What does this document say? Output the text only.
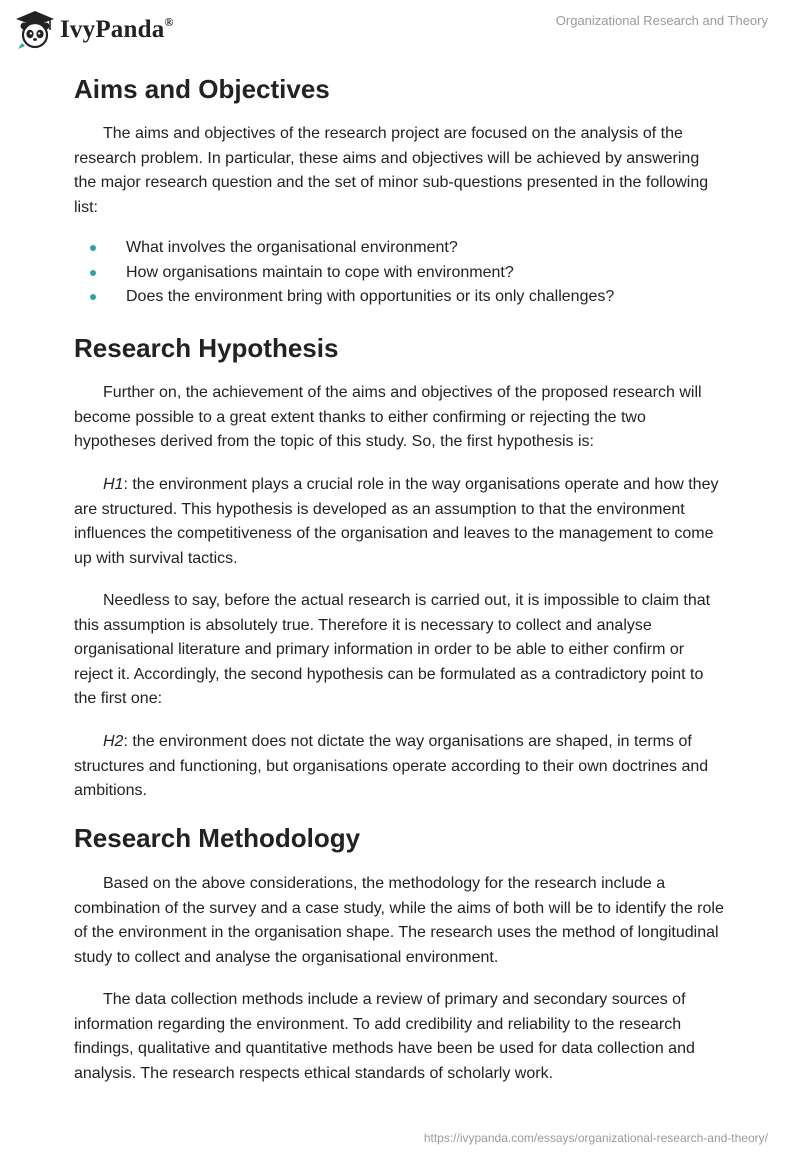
IvyPanda®	Organizational Research and Theory
Aims and Objectives

The aims and objectives of the research project are focused on the analysis of the research problem. In particular, these aims and objectives will be achieved by answering the major research question and the set of minor sub-questions presented in the following list:

What involves the organisational environment?
How organisations maintain to cope with environment?
Does the environment bring with opportunities or its only challenges?
Research Hypothesis

Further on, the achievement of the aims and objectives of the proposed research will become possible to a great extent thanks to either confirming or rejecting the two hypotheses derived from the topic of this study. So, the first hypothesis is:

H1: the environment plays a crucial role in the way organisations operate and how they are structured. This hypothesis is developed as an assumption to that the environment influences the competitiveness of the organisation and leaves to the management to come up with survival tactics.

Needless to say, before the actual research is carried out, it is impossible to claim that this assumption is absolutely true. Therefore it is necessary to collect and analyse organisational literature and primary information in order to be able to either confirm or reject it. Accordingly, the second hypothesis can be formulated as a contradictory point to the first one:

H2: the environment does not dictate the way organisations are shaped, in terms of structures and functioning, but organisations operate according to their own doctrines and ambitions.

Research Methodology

Based on the above considerations, the methodology for the research include a combination of the survey and a case study, while the aims of both will be to identify the role of the environment in the organisation shape. The research uses the method of longitudinal study to collect and analyse the organisational environment.

The data collection methods include a review of primary and secondary sources of information regarding the environment. To add credibility and reliability to the research findings, qualitative and quantitative methods have been be used for data collection and analysis. The research respects ethical standards of scholarly work.

https://ivypanda.com/essays/organizational-research-and-theory/
